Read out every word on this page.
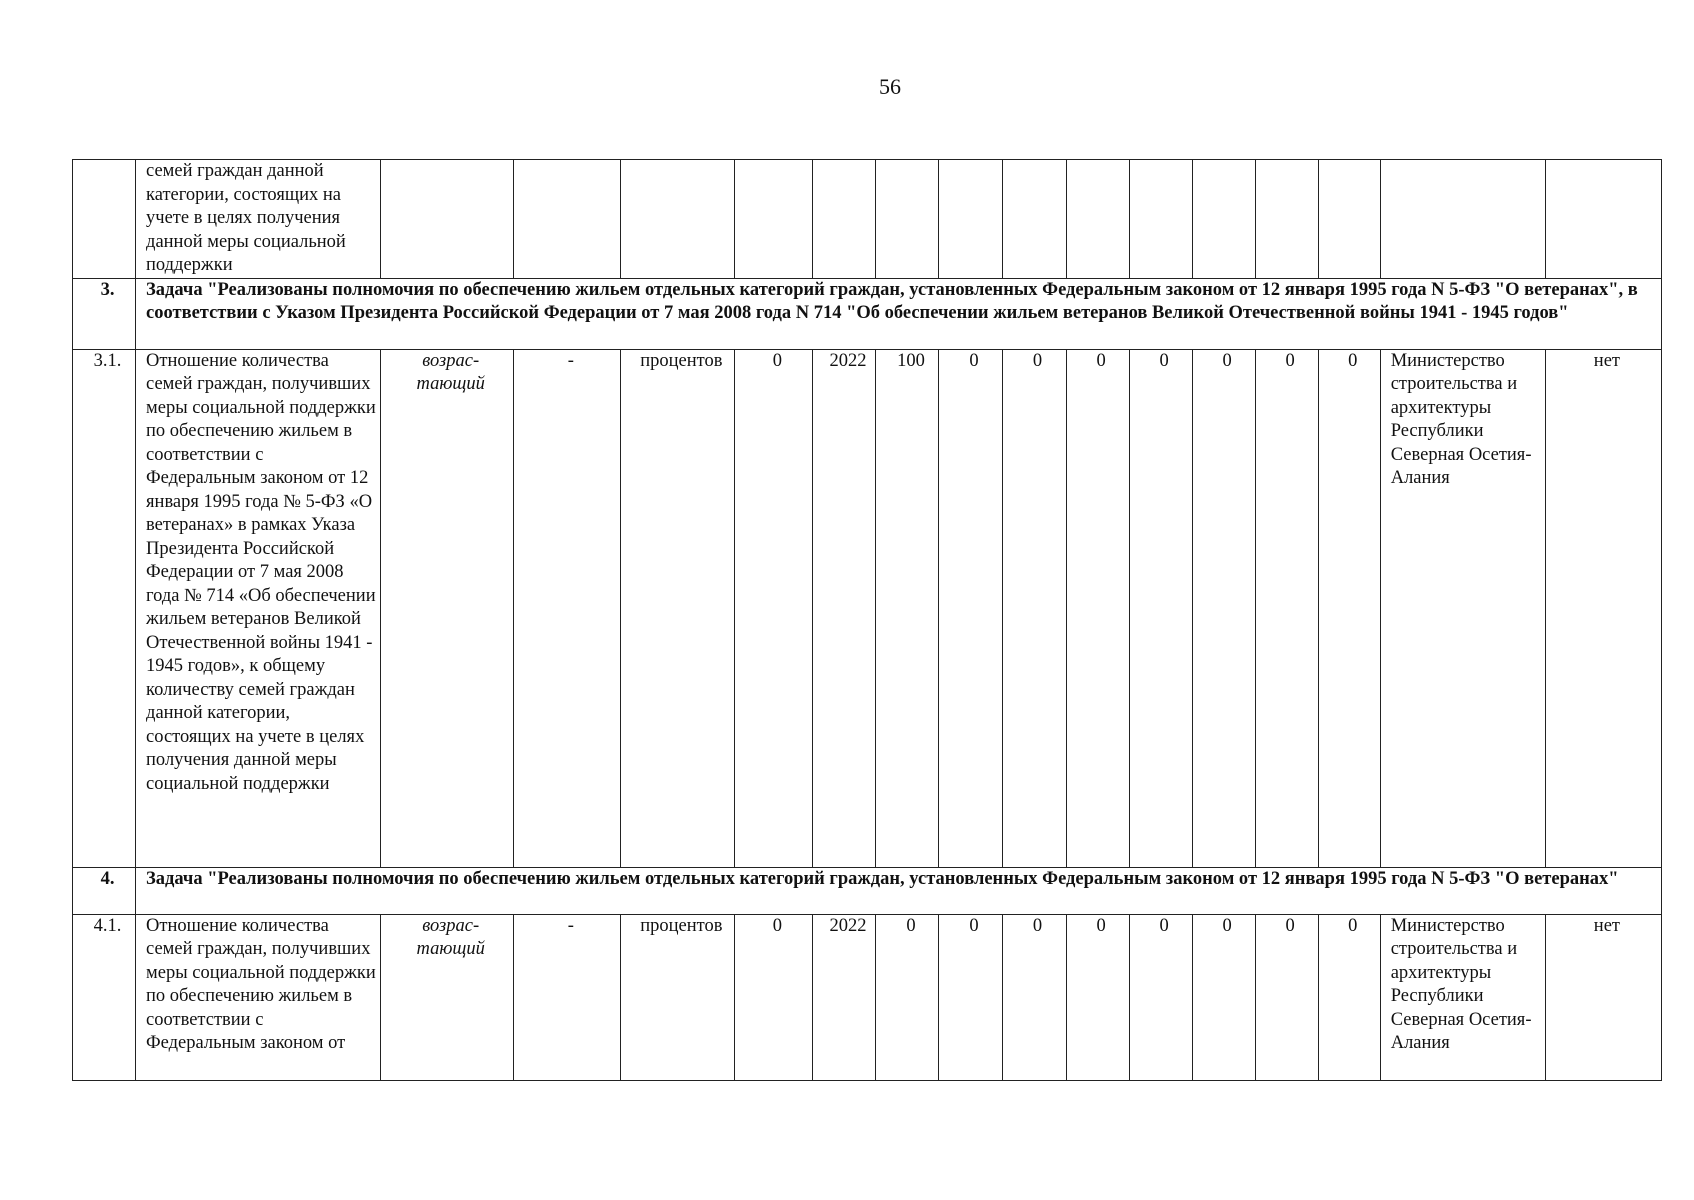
56
	семей граждан данной категории, состоящих на учете в целях получения данной меры социальной поддержки															
3.	Задача "Реализованы полномочия по обеспечению жильем отдельных категорий граждан, установленных Федеральным законом от 12 января 1995 года N 5-ФЗ "О ветеранах", в соответствии с Указом Президента Российской Федерации от 7 мая 2008 года N 714 "Об обеспечении жильем ветеранов Великой Отечественной войны 1941 - 1945 годов"															
3.1.	Отношение количества семей граждан, получивших меры социальной поддержки по обеспечению жильем в соответствии с Федеральным законом от 12 января 1995 года № 5-ФЗ «О ветеранах» в рамках Указа Президента Российской Федерации от 7 мая 2008 года № 714 «Об обеспечении жильем ветеранов Великой Отечественной войны 1941 - 1945 годов», к общему количеству семей граждан данной категории, состоящих на учете в целях получения данной меры социальной поддержки	возрас-тающий	-	процентов	0	2022	100	0	0	0	0	0	0	0	Министерство строительства и архитектуры Республики Северная Осетия-Алания	нет
4.	Задача "Реализованы полномочия по обеспечению жильем отдельных категорий граждан, установленных Федеральным законом от 12 января 1995 года N 5-ФЗ "О ветеранах"															
4.1.	Отношение количества семей граждан, получивших меры социальной поддержки по обеспечению жильем в соответствии с Федеральным законом от	возрас-тающий	-	процентов	0	2022	0	0	0	0	0	0	0	0	Министерство строительства и архитектуры Республики Северная Осетия-Алания	нет
